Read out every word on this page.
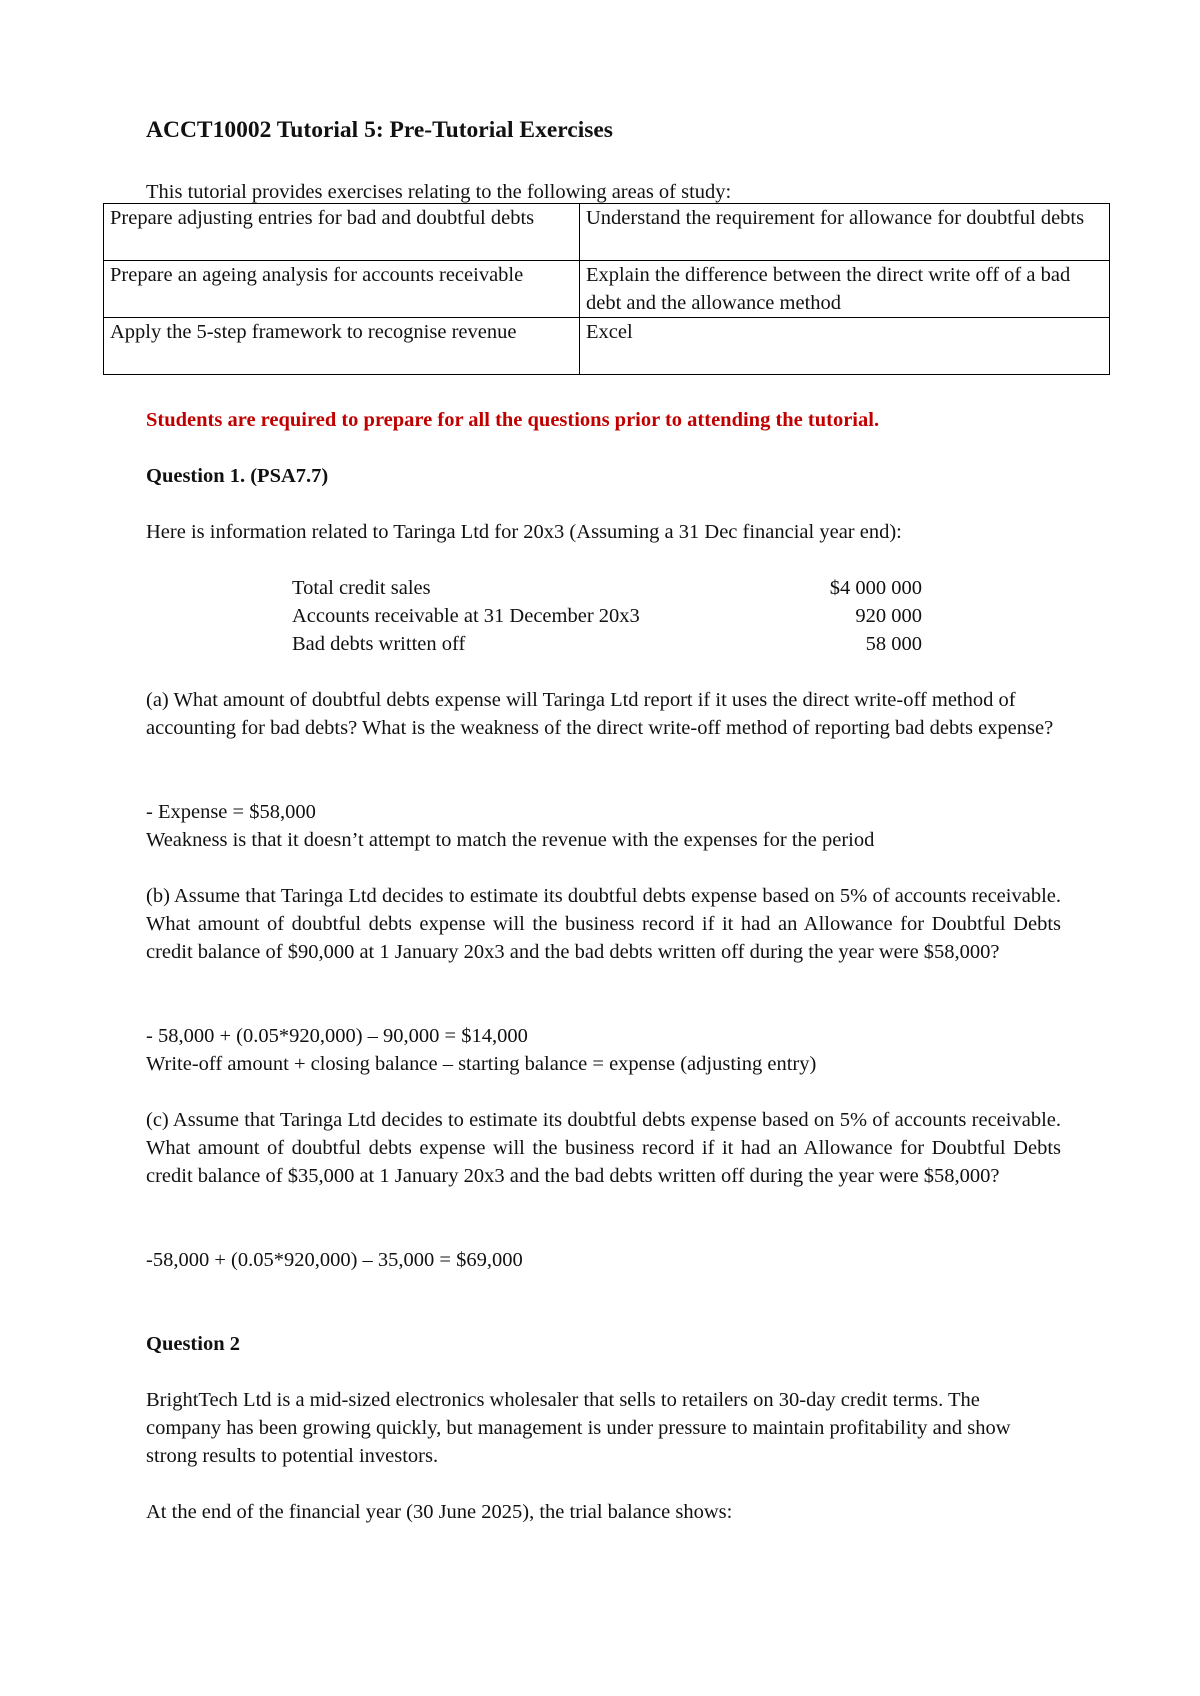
ACCT10002 Tutorial 5: Pre-Tutorial Exercises
This tutorial provides exercises relating to the following areas of study:
Prepare adjusting entries for bad and doubtful debts	Understand the requirement for allowance for doubtful debts
Prepare an ageing analysis for accounts receivable	Explain the difference between the direct write off of a bad debt and the allowance method
Apply the 5-step framework to recognise revenue	Excel
Students are required to prepare for all the questions prior to attending the tutorial.
Question 1. (PSA7.7)
Here is information related to Taringa Ltd for 20x3 (Assuming a 31 Dec financial year end):
Total credit sales	$4 000 000
Accounts receivable at 31 December 20x3	920 000
Bad debts written off	58 000
(a) What amount of doubtful debts expense will Taringa Ltd report if it uses the direct write-off method of accounting for bad debts? What is the weakness of the direct write-off method of reporting bad debts expense?
- Expense = $58,000
Weakness is that it doesn’t attempt to match the revenue with the expenses for the period
(b) Assume that Taringa Ltd decides to estimate its doubtful debts expense based on 5% of accounts receivable. What amount of doubtful debts expense will the business record if it had an Allowance for Doubtful Debts credit balance of $90,000 at 1 January 20x3 and the bad debts written off during the year were $58,000?
- 58,000 + (0.05*920,000) – 90,000 = $14,000
Write-off amount + closing balance – starting balance = expense (adjusting entry)
(c) Assume that Taringa Ltd decides to estimate its doubtful debts expense based on 5% of accounts receivable. What amount of doubtful debts expense will the business record if it had an Allowance for Doubtful Debts credit balance of $35,000 at 1 January 20x3 and the bad debts written off during the year were $58,000?
-58,000 + (0.05*920,000) – 35,000 = $69,000
Question 2
BrightTech Ltd is a mid-sized electronics wholesaler that sells to retailers on 30-day credit terms. The company has been growing quickly, but management is under pressure to maintain profitability and show strong results to potential investors.
At the end of the financial year (30 June 2025), the trial balance shows:
